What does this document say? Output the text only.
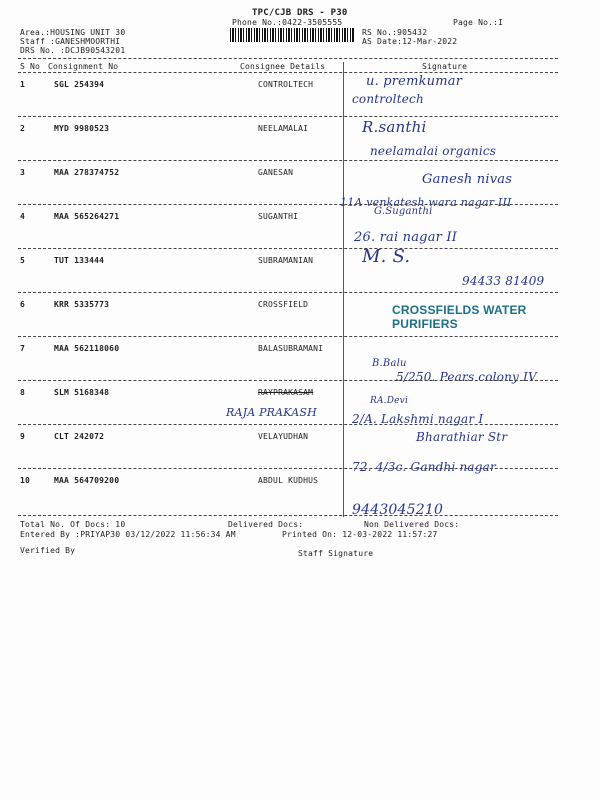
TPC/CJB DRS - P30
Phone No.:0422-3505555	Page No.:I
Area.:HOUSING UNIT 30
Staff :GANESHMOORTHI
DRS No. :DCJB90543201
RS No.:905432
AS Date:12-Mar-2022
S No Consignment No	Consignee Details	Signature
1	SGL 254394	CONTROLTECH	u. premkumar
controltech
2	MYD 9980523	NEELAMALAI	R.santhi
neelamalai organics
3	MAA 278374752	GANESAN	Ganesh nivas
11A venkatesh wara nagar III
4	MAA 565264271	SUGANTHI	G.Suganthi
26. rai nagar II
5	TUT 133444	SUBRAMANIAN	M. S.
94433 81409
6	KRR 5335773	CROSSFIELD	CROSSFIELDS WATER PURIFIERS
7	MAA 562118060	BALASUBRAMANI
B.Balu
5/250. Pears colony IV
8	SLM 5168348	RAYPRAKASAM
RAJA PRAKASH
RA.Devi
2/A. Lakshmi nagar I
9	CLT 242072	VELAYUDHAN	Bharathiar Str
10	MAA 564709200	ABDUL KUDHUS
72. 4/3c. Gandhi nagar
9443045210
Total No. Of Docs: 10	Delivered Docs:	Non Delivered Docs:
Entered By :PRIYAP30 03/12/2022 11:56:34 AM	Printed On: 12-03-2022 11:57:27
Verified By	Staff Signature
